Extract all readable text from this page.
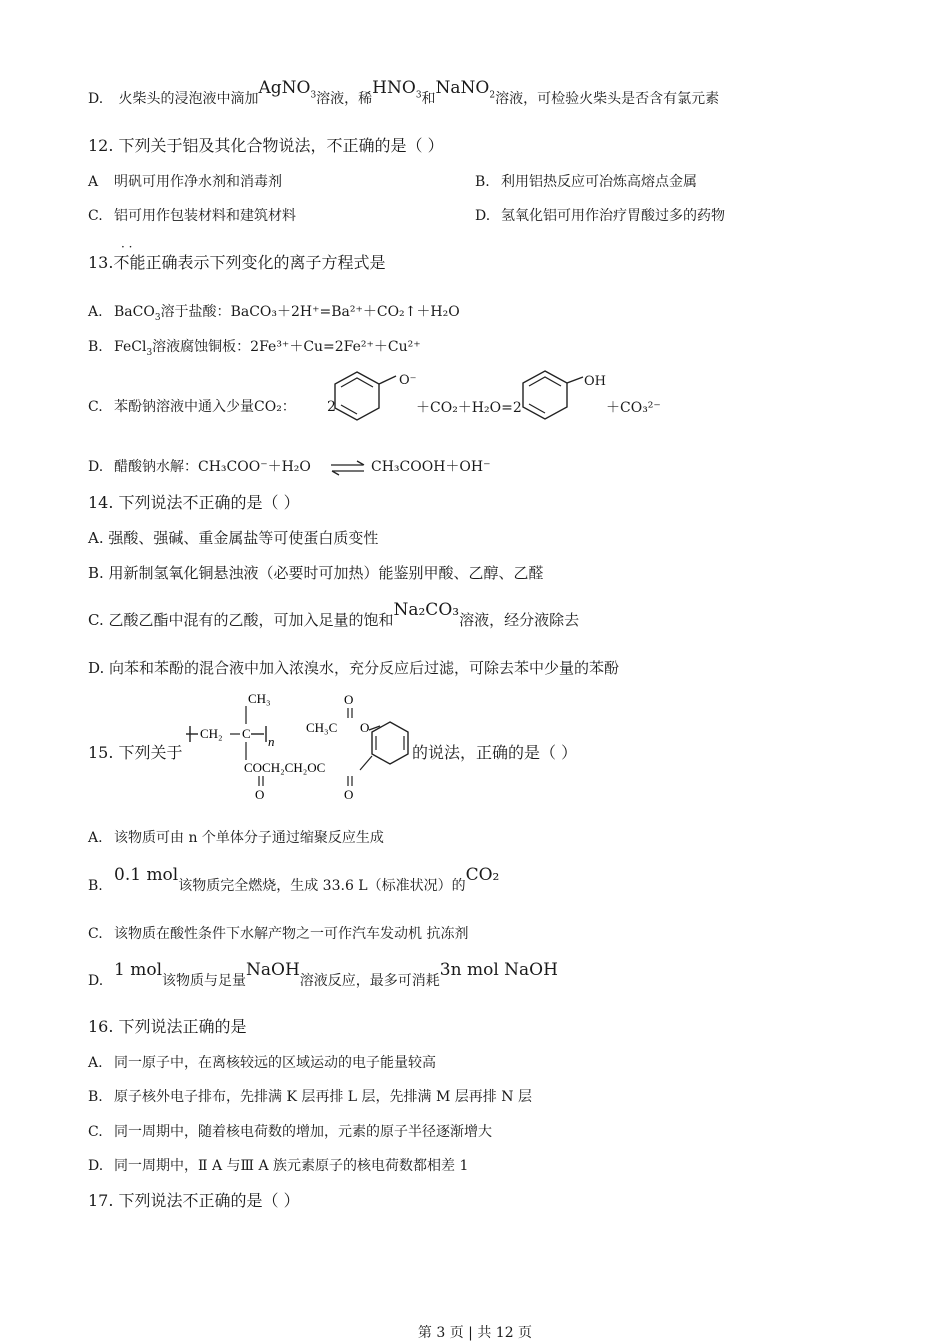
D. 火柴头的浸泡液中滴加AgNO$_3$溶液，稀$HNO_3$和NaNO$_2$溶液，可检验火柴头是否含有氯元素
12. 下列关于铝及其化合物说法，不正确的是（ ）
A 明矾可用作净水剂和消毒剂	B. 利用铝热反应可冶炼高熔点金属
C. 铝可用作包装材料和建筑材料	D. 氢氧化铝可用作治疗胃酸过多的药物
· ·
13.不能正确表示下列变化的离子方程式是
A. BaCO$_3$溶于盐酸：BaCO₃＋2H⁺=Ba²⁺＋CO₂↑＋H₂O
B. FeCl$_3$溶液腐蚀铜板：2Fe³⁺＋Cu=2Fe²⁺＋Cu²⁺
C. 苯酚钠溶液中通入少量CO₂： 2
O⁻
＋CO₂＋H₂O=2
OH
＋CO₃²⁻
D. 醋酸钠水解：CH₃COO⁻＋H₂O ⇌ CH₃COOH＋OH⁻
14. 下列说法不正确的是（ ）
A. 强酸、强碱、重金属盐等可使蛋白质变性
B. 用新制氢氧化铜悬浊液（必要时可加热）能鉴别甲酸、乙醇、乙醛
C. 乙酸乙酯中混有的乙酸，可加入足量的饱和Na₂CO₃溶液，经分液除去
D. 向苯和苯酚的混合液中加入浓溴水，充分反应后过滤，可除去苯中少量的苯酚
15. 下列关于
CH₂ C
n
CH₃
COCH₂CH₂OC
O	O
O
CH₃C O
的说法，正确的是（ ）
A. 该物质可由 n 个单体分子通过缩聚反应生成
B.0.1 mol该物质完全燃烧，生成 33.6 L（标准状况）的CO₂
C. 该物质在酸性条件下水解产物之一可作汽车发动机 抗冻剂
D.1 mol该物质与足量NaOH溶液反应，最多可消耗3n mol NaOH
16. 下列说法正确的是
A. 同一原子中，在离核较远的区域运动的电子能量较高
B. 原子核外电子排布，先排满 K 层再排 L 层，先排满 M 层再排 N 层
C. 同一周期中，随着核电荷数的增加，元素的原子半径逐渐增大
D. 同一周期中，Ⅱ A 与Ⅲ A 族元素原子的核电荷数都相差 1
17. 下列说法不正确的是（ ）
第 3 页 | 共 12 页
